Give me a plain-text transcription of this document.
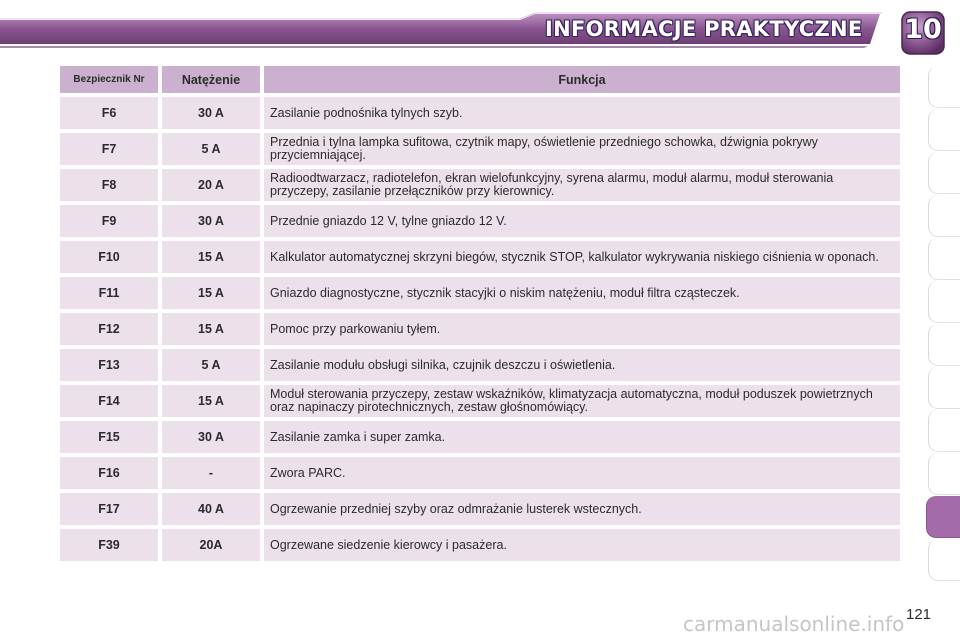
INFORMACJE PRAKTYCZNE 10
Bezpiecznik Nr	Natężenie	Funkcja
F6	30 A	Zasilanie podnośnika tylnych szyb.
F7	5 A	Przednia i tylna lampka sufitowa, czytnik mapy, oświetlenie przedniego schowka, dźwignia pokrywy przyciemniającej.
F8	20 A	Radioodtwarzacz, radiotelefon, ekran wielofunkcyjny, syrena alarmu, moduł alarmu, moduł sterowania przyczepy, zasilanie przełączników przy kierownicy.
F9	30 A	Przednie gniazdo 12 V, tylne gniazdo 12 V.
F10	15 A	Kalkulator automatycznej skrzyni biegów, stycznik STOP, kalkulator wykrywania niskiego ciśnienia w oponach.
F11	15 A	Gniazdo diagnostyczne, stycznik stacyjki o niskim natężeniu, moduł filtra cząsteczek.
F12	15 A	Pomoc przy parkowaniu tyłem.
F13	5 A	Zasilanie modułu obsługi silnika, czujnik deszczu i oświetlenia.
F14	15 A	Moduł sterowania przyczepy, zestaw wskaźników, klimatyzacja automatyczna, moduł poduszek powietrznych oraz napinaczy pirotechnicznych, zestaw głośnomówiący.
F15	30 A	Zasilanie zamka i super zamka.
F16	-	Zwora PARC.
F17	40 A	Ogrzewanie przedniej szyby oraz odmrażanie lusterek wstecznych.
F39	20A	Ogrzewane siedzenie kierowcy i pasażera.
121
carmanualsonline.info
